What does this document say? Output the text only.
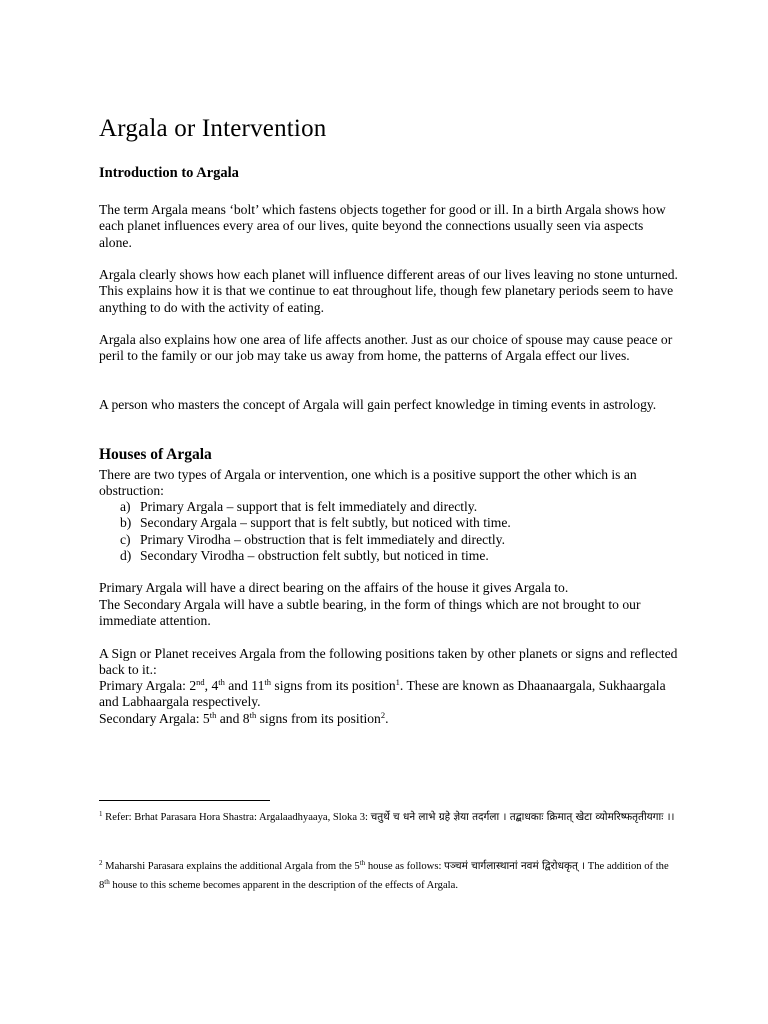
Argala or Intervention
Introduction to Argala

The term Argala means ‘bolt’ which fastens objects together for good or ill. In a birth Argala shows how each planet influences every area of our lives, quite beyond the connections usually seen via aspects alone.

Argala clearly shows how each planet will influence different areas of our lives leaving no stone unturned. This explains how it is that we continue to eat throughout life, though few planetary periods seem to have anything to do with the activity of eating.

Argala also explains how one area of life affects another. Just as our choice of spouse may cause peace or peril to the family or our job may take us away from home, the patterns of Argala effect our lives.

A person who masters the concept of Argala will gain perfect knowledge in timing events in astrology.

Houses of Argala

There are two types of Argala or intervention, one which is a positive support the other which is an obstruction:

a) Primary Argala – support that is felt immediately and directly.
b) Secondary Argala – support that is felt subtly, but noticed with time.
c) Primary Virodha – obstruction that is felt immediately and directly.
d) Secondary Virodha – obstruction felt subtly, but noticed in time.

Primary Argala will have a direct bearing on the affairs of the house it gives Argala to.

The Secondary Argala will have a subtle bearing, in the form of things which are not brought to our immediate attention.

A Sign or Planet receives Argala from the following positions taken by other planets or signs and reflected back to it.:

Primary Argala: 2nd, 4th and 11th signs from its position$^1$. These are known as Dhaanaargala, Sukhaargala and Labhaargala respectively.

Secondary Argala: 5th and 8th signs from its position$^2$.

$^1$ Refer: Brhat Parasara Hora Shastra: Argalaadhyaaya, Sloka 3: चतुर्थे च धने लाभे ग्रहे ज्ञेया तदर्गला । तद्बाधकाः क्रिमात् खेटा व्योमरिष्फतृतीयगाः ।।

$^2$ Maharshi Parasara explains the additional Argala from the 5th house as follows: पञ्चमं चार्गलास्थानां नवमं द्विरोधकृत् । The addition of the 8th house to this scheme becomes apparent in the description of the effects of Argala.
